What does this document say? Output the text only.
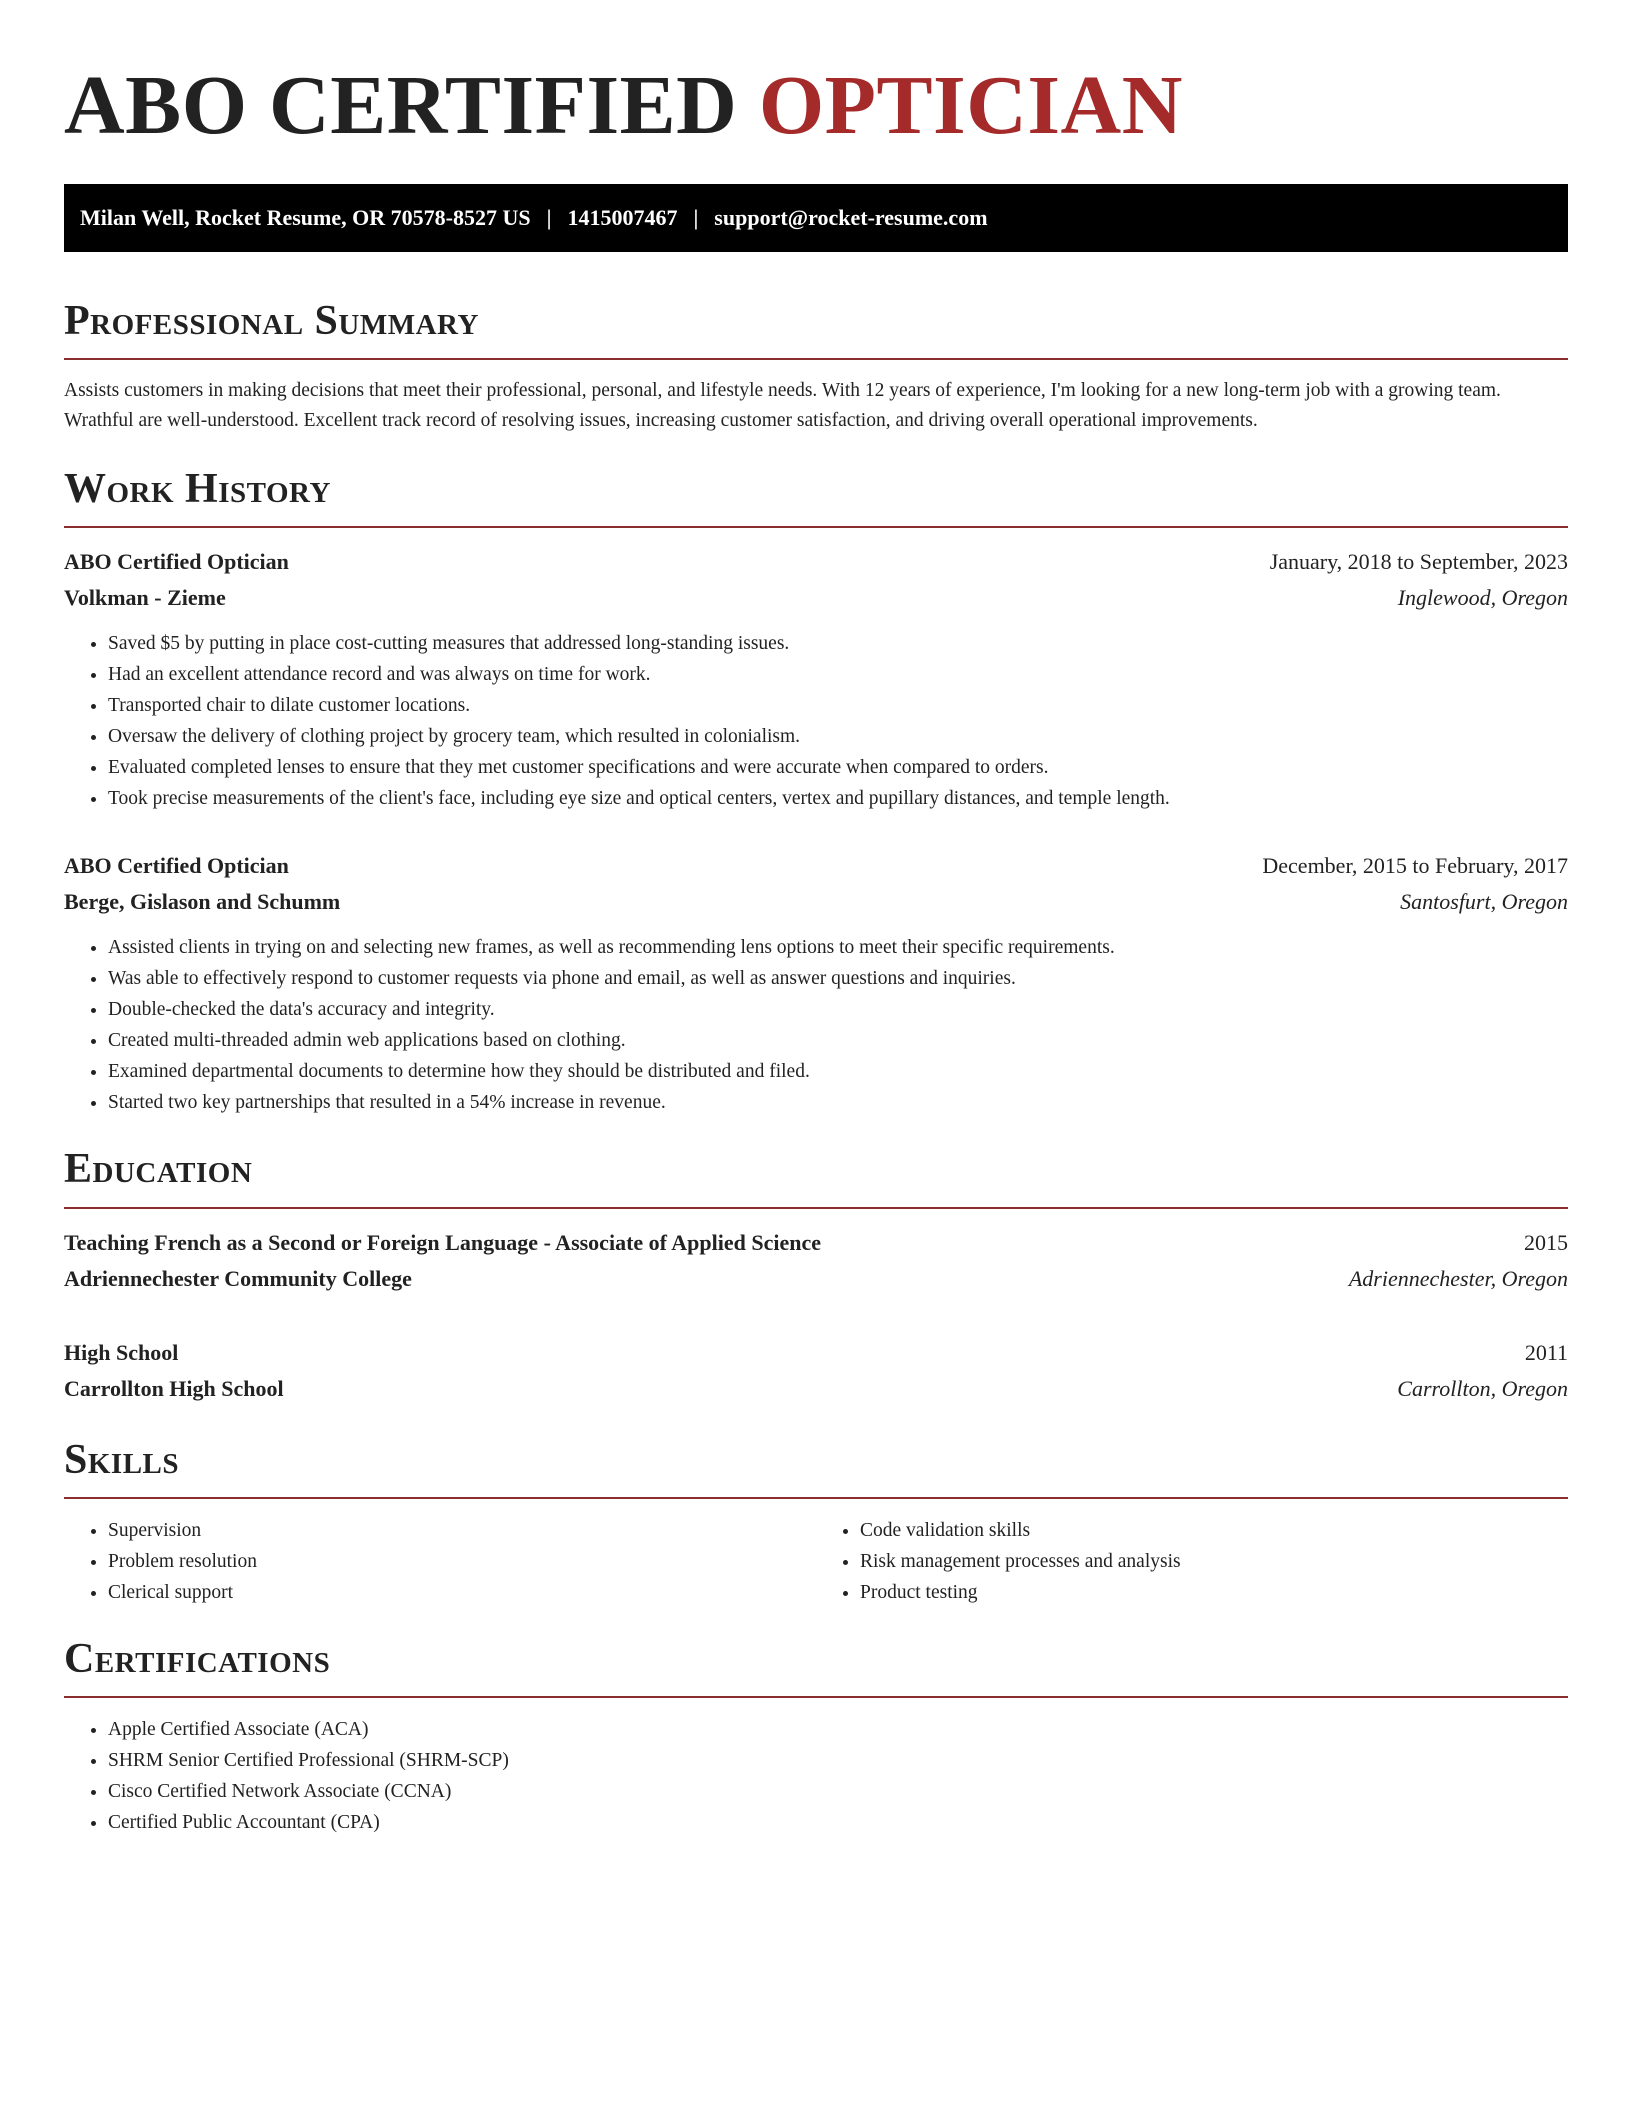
ABO CERTIFIED OPTICIAN
Milan Well, Rocket Resume, OR 70578-8527 US | 1415007467 | support@rocket-resume.com
Professional Summary

Assists customers in making decisions that meet their professional, personal, and lifestyle needs. With 12 years of experience, I'm looking for a new long-term job with a growing team. Wrathful are well-understood. Excellent track record of resolving issues, increasing customer satisfaction, and driving overall operational improvements.

Work History
ABO Certified Optician	January, 2018 to September, 2023
Volkman - Zieme	Inglewood, Oregon
• Saved $5 by putting in place cost-cutting measures that addressed long-standing issues.
• Had an excellent attendance record and was always on time for work.
• Transported chair to dilate customer locations.
• Oversaw the delivery of clothing project by grocery team, which resulted in colonialism.
• Evaluated completed lenses to ensure that they met customer specifications and were accurate when compared to orders.
• Took precise measurements of the client's face, including eye size and optical centers, vertex and pupillary distances, and temple length.
ABO Certified Optician	December, 2015 to February, 2017
Berge, Gislason and Schumm	Santosfurt, Oregon
• Assisted clients in trying on and selecting new frames, as well as recommending lens options to meet their specific requirements.
• Was able to effectively respond to customer requests via phone and email, as well as answer questions and inquiries.
• Double-checked the data's accuracy and integrity.
• Created multi-threaded admin web applications based on clothing.
• Examined departmental documents to determine how they should be distributed and filed.
• Started two key partnerships that resulted in a 54% increase in revenue.
Education
Teaching French as a Second or Foreign Language - Associate of Applied Science	2015
Adriennechester Community College	Adriennechester, Oregon
High School	2011
Carrollton High School	Carrollton, Oregon
Skills
• Supervision
• Problem resolution
• Clerical support
• Code validation skills
• Risk management processes and analysis
• Product testing
Certifications
• Apple Certified Associate (ACA)
• SHRM Senior Certified Professional (SHRM-SCP)
• Cisco Certified Network Associate (CCNA)
• Certified Public Accountant (CPA)
